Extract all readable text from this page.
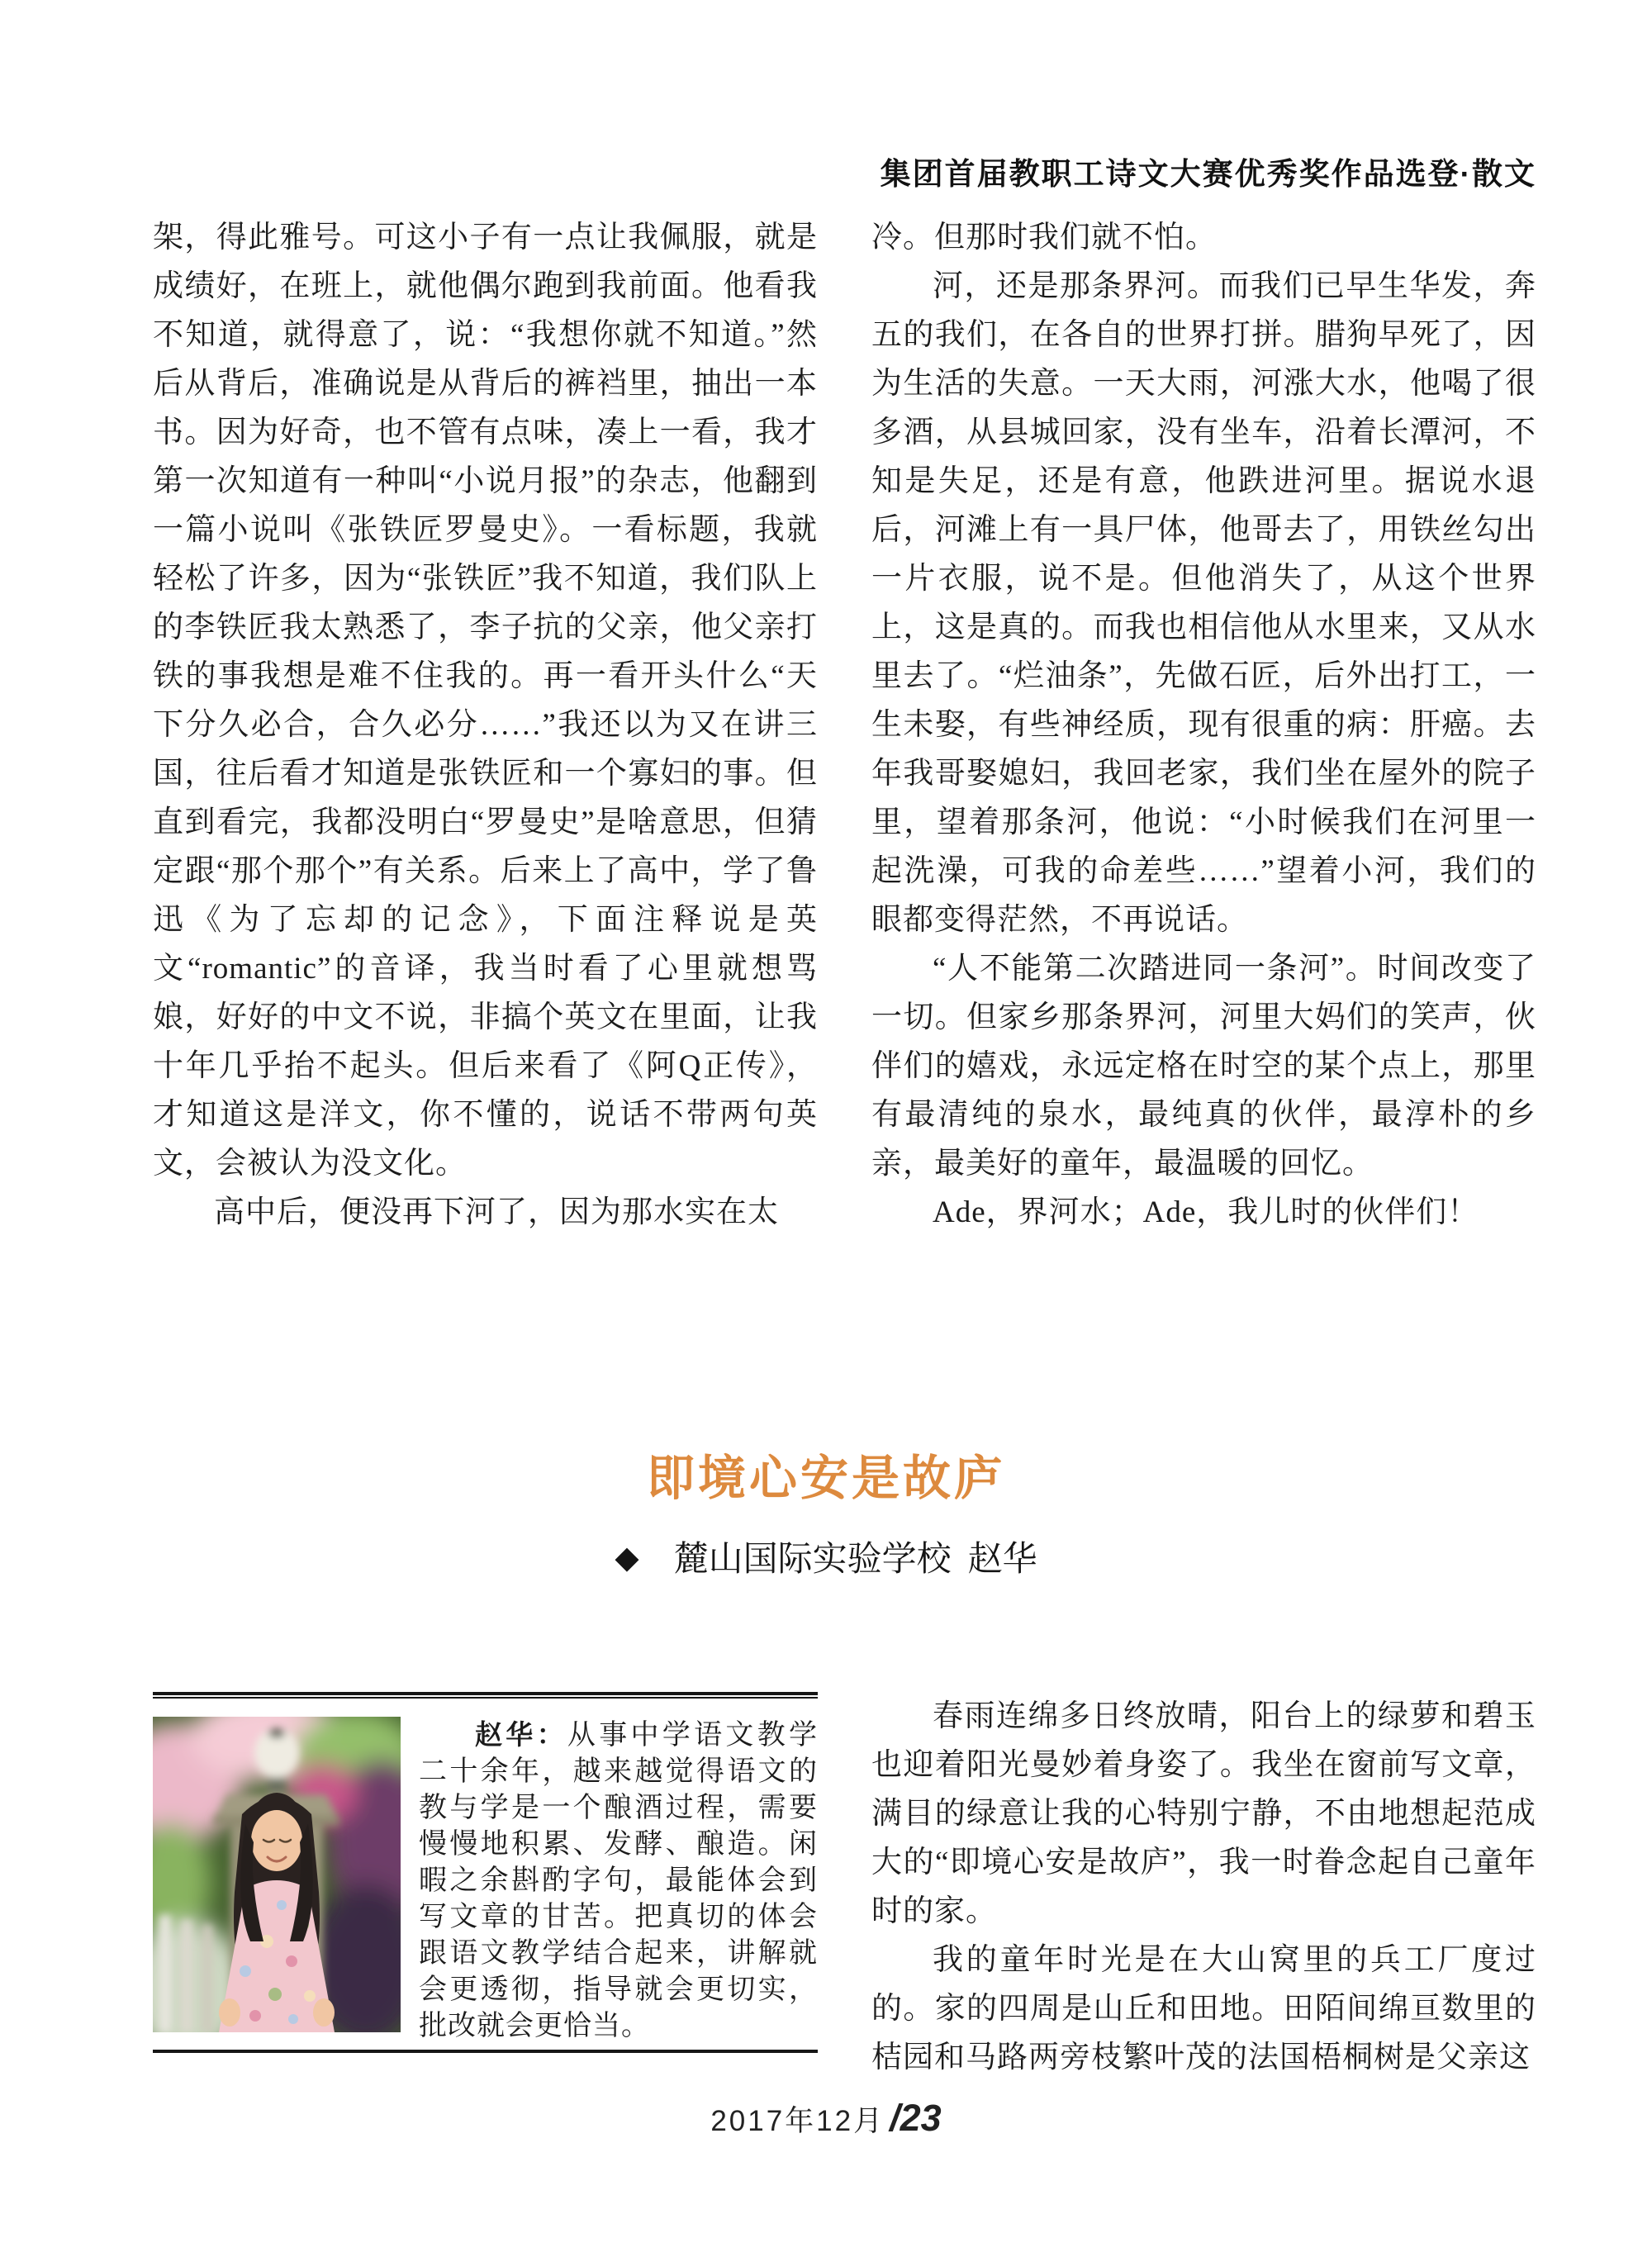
集团首届教职工诗文大赛优秀奖作品选登·散文

架，得此雅号。可这小子有一点让我佩服，就是成绩好，在班上，就他偶尔跑到我前面。他看我不知道，就得意了，说：“我想你就不知道。”然后从背后，准确说是从背后的裤裆里，抽出一本书。因为好奇，也不管有点味，凑上一看，我才第一次知道有一种叫“小说月报”的杂志，他翻到一篇小说叫《张铁匠罗曼史》。一看标题，我就轻松了许多，因为“张铁匠”我不知道，我们队上的李铁匠我太熟悉了，李子抗的父亲，他父亲打铁的事我想是难不住我的。再一看开头什么“天下分久必合，合久必分……”我还以为又在讲三国，往后看才知道是张铁匠和一个寡妇的事。但直到看完，我都没明白“罗曼史”是啥意思，但猜定跟“那个那个”有关系。后来上了高中，学了鲁迅《为了忘却的记念》，下面注释说是英文“romantic”的音译，我当时看了心里就想骂娘，好好的中文不说，非搞个英文在里面，让我十年几乎抬不起头。但后来看了《阿Q正传》，才知道这是洋文，你不懂的，说话不带两句英文，会被认为没文化。

高中后，便没再下河了，因为那水实在太

冷。但那时我们就不怕。

河，还是那条界河。而我们已早生华发，奔五的我们，在各自的世界打拼。腊狗早死了，因为生活的失意。一天大雨，河涨大水，他喝了很多酒，从县城回家，没有坐车，沿着长潭河，不知是失足，还是有意，他跌进河里。据说水退后，河滩上有一具尸体，他哥去了，用铁丝勾出一片衣服，说不是。但他消失了，从这个世界上，这是真的。而我也相信他从水里来，又从水里去了。“烂油条”，先做石匠，后外出打工，一生未娶，有些神经质，现有很重的病：肝癌。去年我哥娶媳妇，我回老家，我们坐在屋外的院子里，望着那条河，他说：“小时候我们在河里一起洗澡，可我的命差些……”望着小河，我们的眼都变得茫然，不再说话。

“人不能第二次踏进同一条河”。时间改变了一切。但家乡那条界河，河里大妈们的笑声，伙伴们的嬉戏，永远定格在时空的某个点上，那里有最清纯的泉水，最纯真的伙伴，最淳朴的乡亲，最美好的童年，最温暖的回忆。

Ade，界河水；Ade，我儿时的伙伴们！

即境心安是故庐
◆ 麓山国际实验学校 赵华

赵华：从事中学语文教学二十余年，越来越觉得语文的教与学是一个酿酒过程，需要慢慢地积累、发酵、酿造。闲暇之余斟酌字句，最能体会到写文章的甘苦。把真切的体会跟语文教学结合起来，讲解就会更透彻，指导就会更切实，批改就会更恰当。

春雨连绵多日终放晴，阳台上的绿萝和碧玉也迎着阳光曼妙着身姿了。我坐在窗前写文章，满目的绿意让我的心特别宁静，不由地想起范成大的“即境心安是故庐”，我一时眷念起自己童年时的家。

我的童年时光是在大山窝里的兵工厂度过的。家的四周是山丘和田地。田陌间绵亘数里的桔园和马路两旁枝繁叶茂的法国梧桐树是父亲这

2017年12月 /23
